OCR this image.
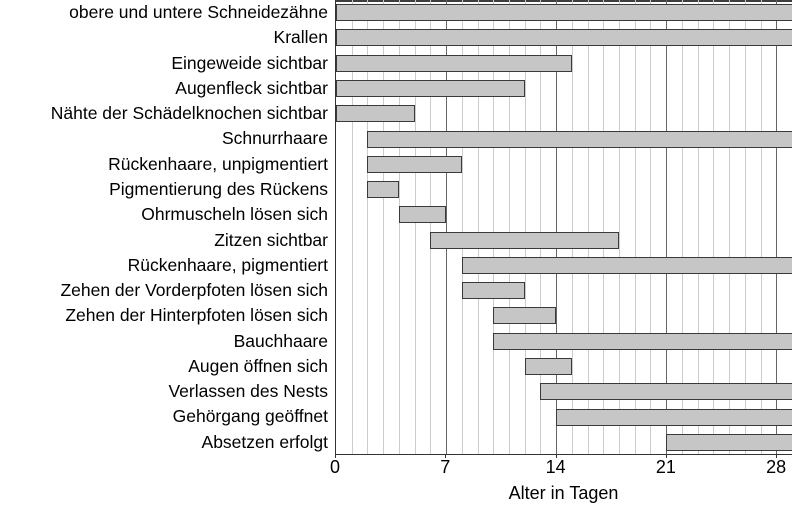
obere und untere Schneidezähne
Krallen
Eingeweide sichtbar
Augenfleck sichtbar
Nähte der Schädelknochen sichtbar
Schnurrhaare
Rückenhaare, unpigmentiert
Pigmentierung des Rückens
Ohrmuscheln lösen sich
Zitzen sichtbar
Rückenhaare, pigmentiert
Zehen der Vorderpfoten lösen sich
Zehen der Hinterpfoten lösen sich
Bauchhaare
Augen öffnen sich
Verlassen des Nests
Gehörgang geöffnet
Absetzen erfolgt
0	7	14	21	28
Alter in Tagen
